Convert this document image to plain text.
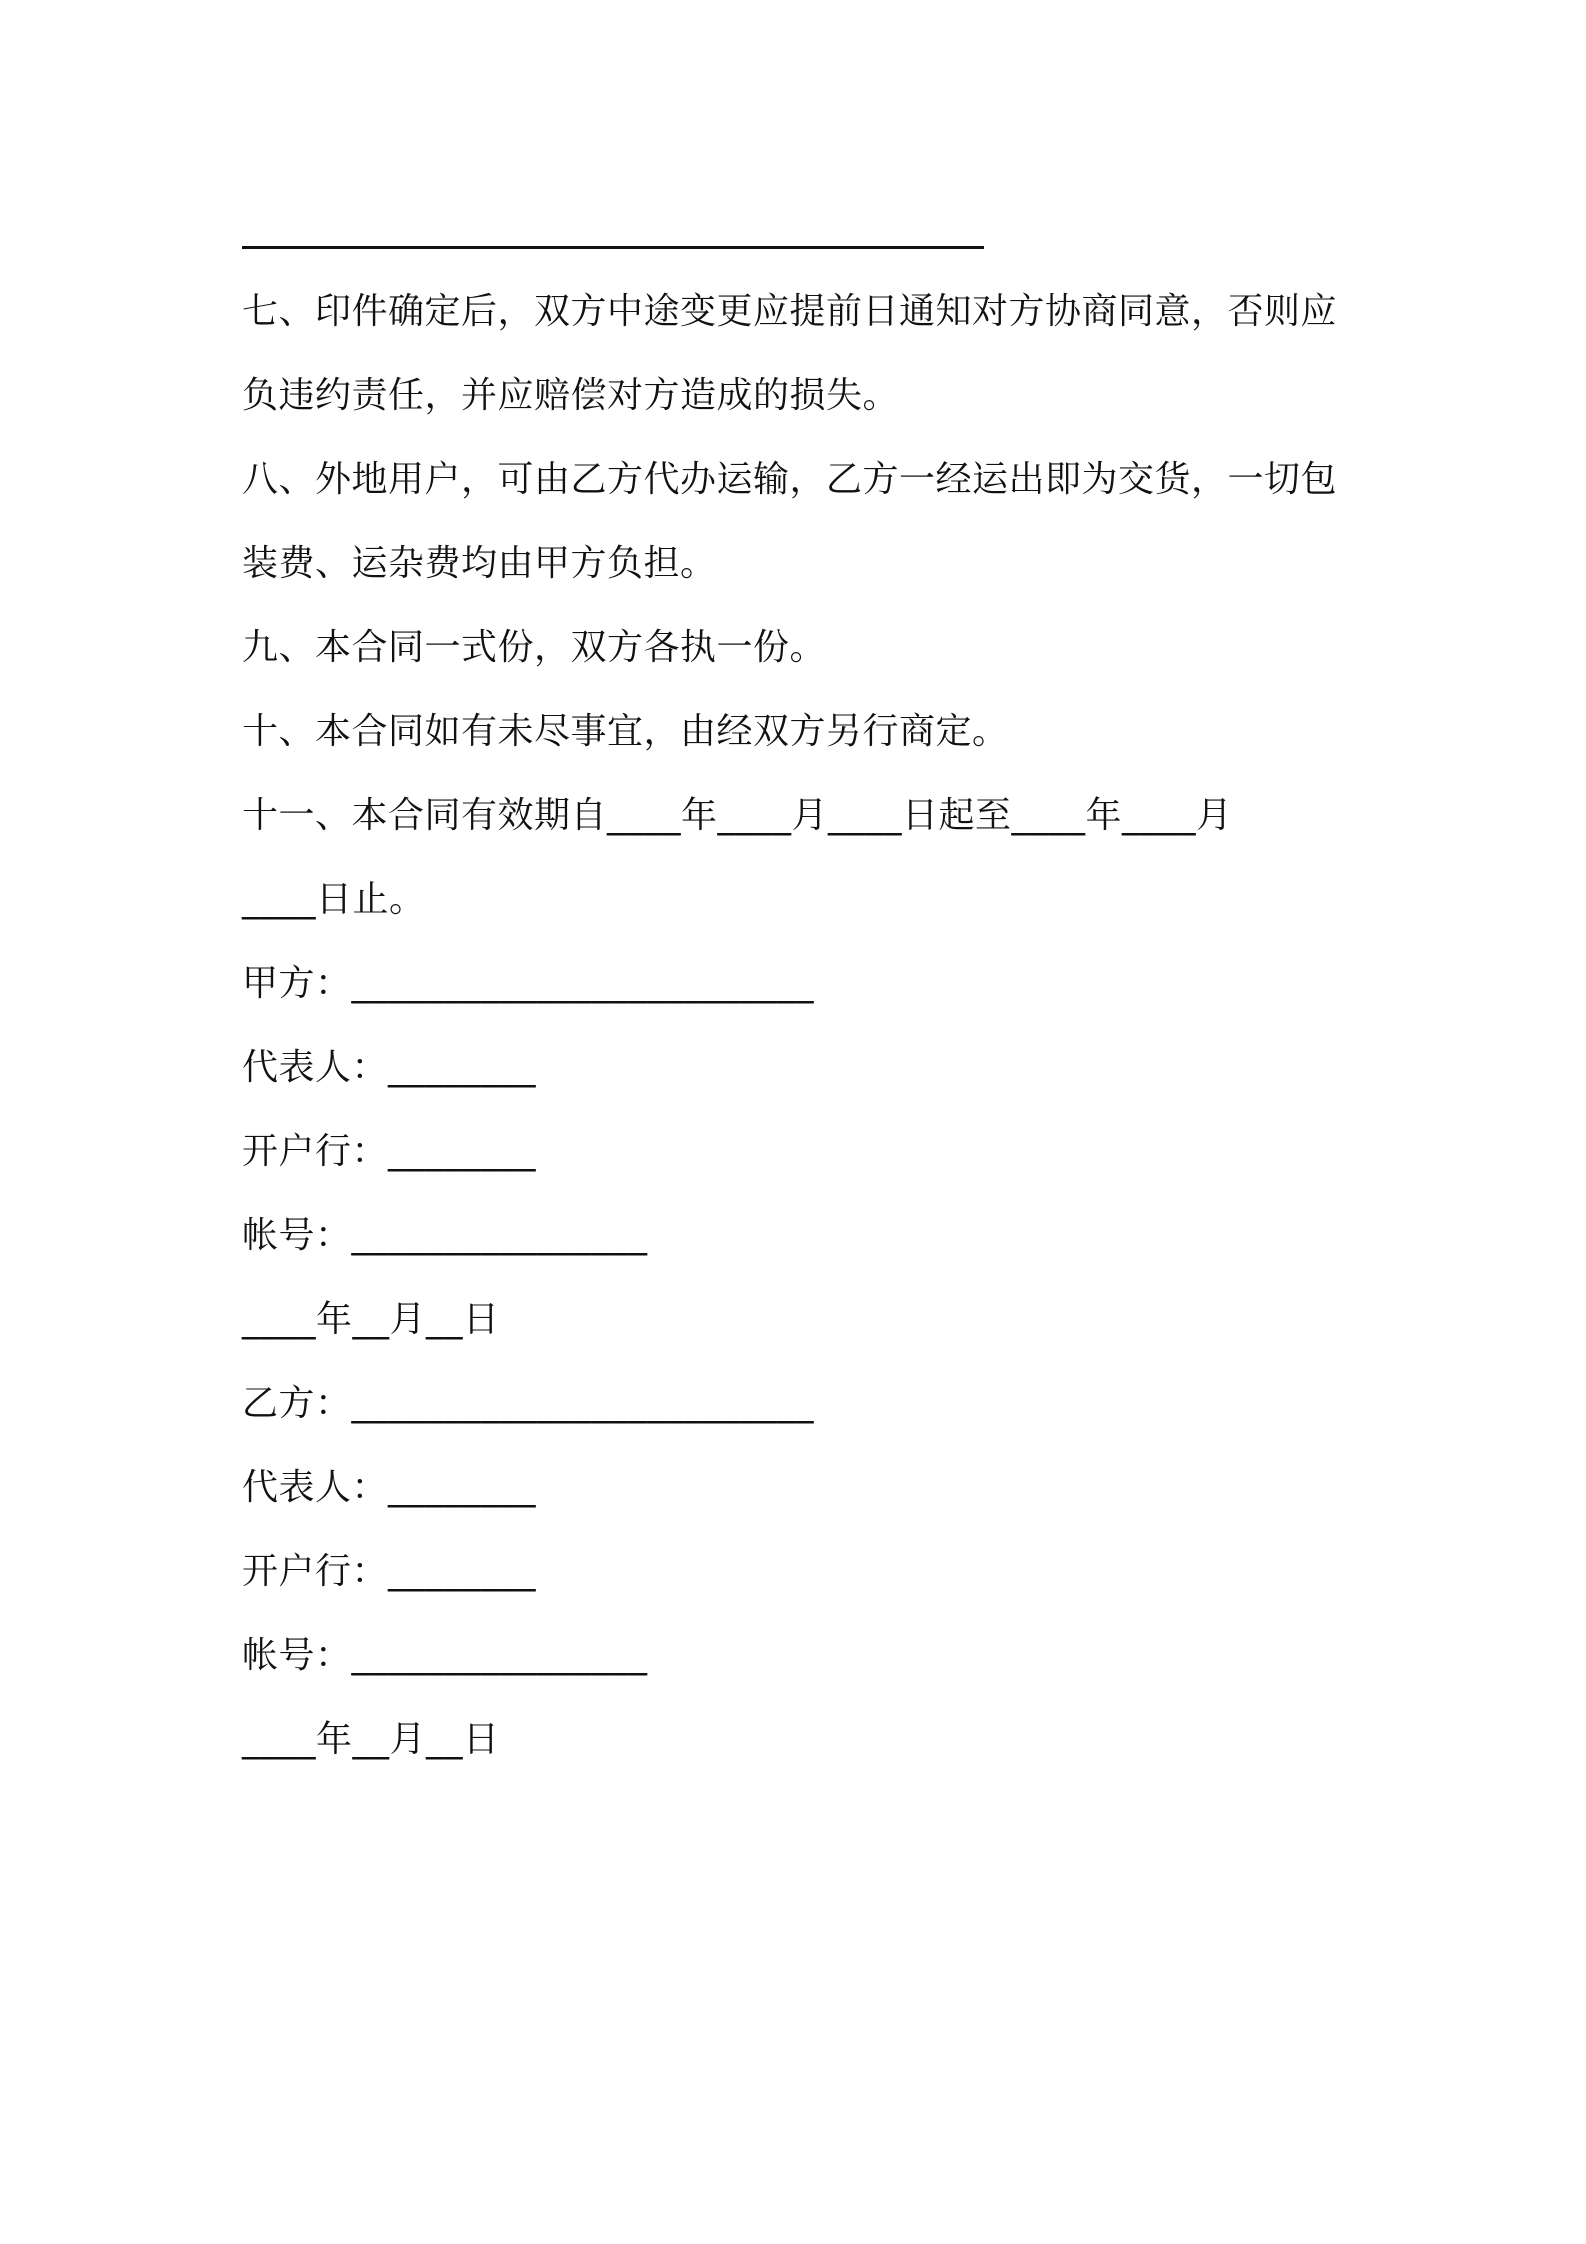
七、印件确定后，双方中途变更应提前日通知对方协商同意，否则应
负违约责任，并应赔偿对方造成的损失。
八、外地用户，可由乙方代办运输，乙方一经运出即为交货，一切包
装费、运杂费均由甲方负担。
九、本合同一式份，双方各执一份。
十、本合同如有未尽事宜，由经双方另行商定。
十一、本合同有效期自____年____月____日起至____年____月
____日止。
甲方：_________________________
代表人：________
开户行：________
帐号：________________
____年__月__日
乙方：_________________________
代表人：________
开户行：________
帐号：________________
____年__月__日
